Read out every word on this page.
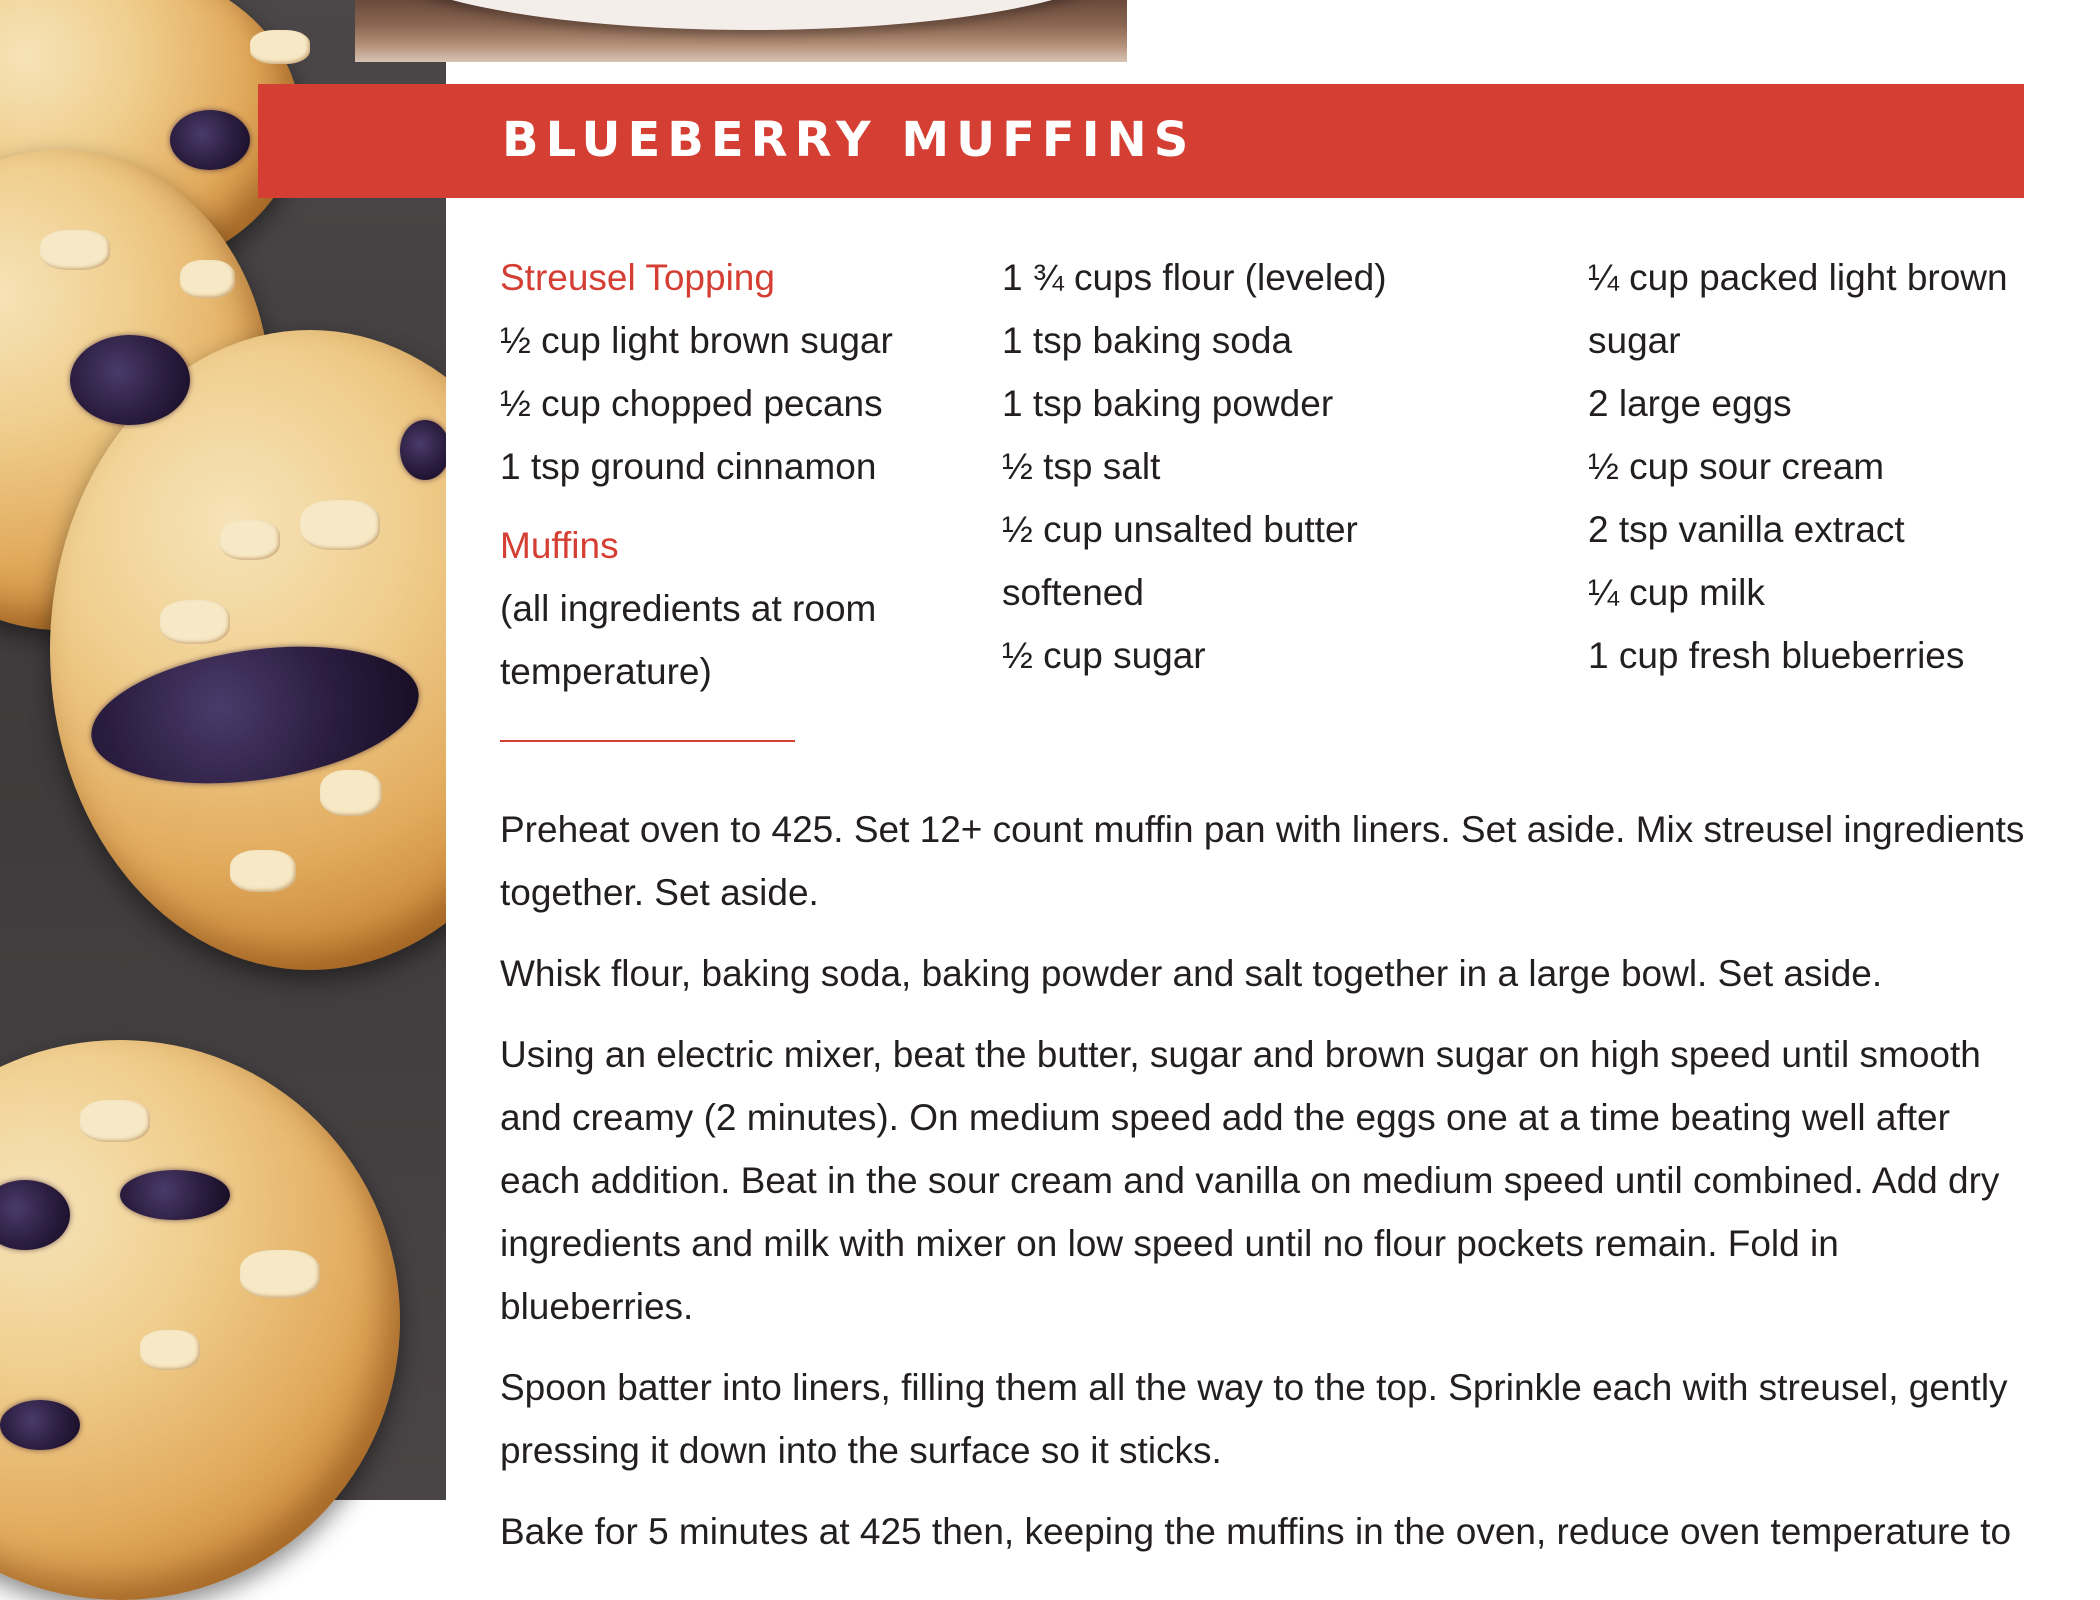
BLUEBERRY MUFFINS
Streusel Topping
½ cup light brown sugar
½ cup chopped pecans
1 tsp ground cinnamon
Muffins
(all ingredients at room temperature)
1 ¾ cups flour (leveled)
1 tsp baking soda
1 tsp baking powder
½ tsp salt
½ cup unsalted butter softened
½ cup sugar
¼ cup packed light brown sugar
2 large eggs
½ cup sour cream
2 tsp vanilla extract
¼ cup milk
1 cup fresh blueberries

Preheat oven to 425. Set 12+ count muffin pan with liners. Set aside. Mix streusel ingredients together. Set aside.

Whisk flour, baking soda, baking powder and salt together in a large bowl. Set aside.

Using an electric mixer, beat the butter, sugar and brown sugar on high speed until smooth and creamy (2 minutes). On medium speed add the eggs one at a time beating well after each addition. Beat in the sour cream and vanilla on medium speed until combined. Add dry ingredients and milk with mixer on low speed until no flour pockets remain. Fold in blueberries.

Spoon batter into liners, filling them all the way to the top. Sprinkle each with streusel, gently pressing it down into the surface so it sticks.

Bake for 5 minutes at 425 then, keeping the muffins in the oven, reduce oven temperature to
